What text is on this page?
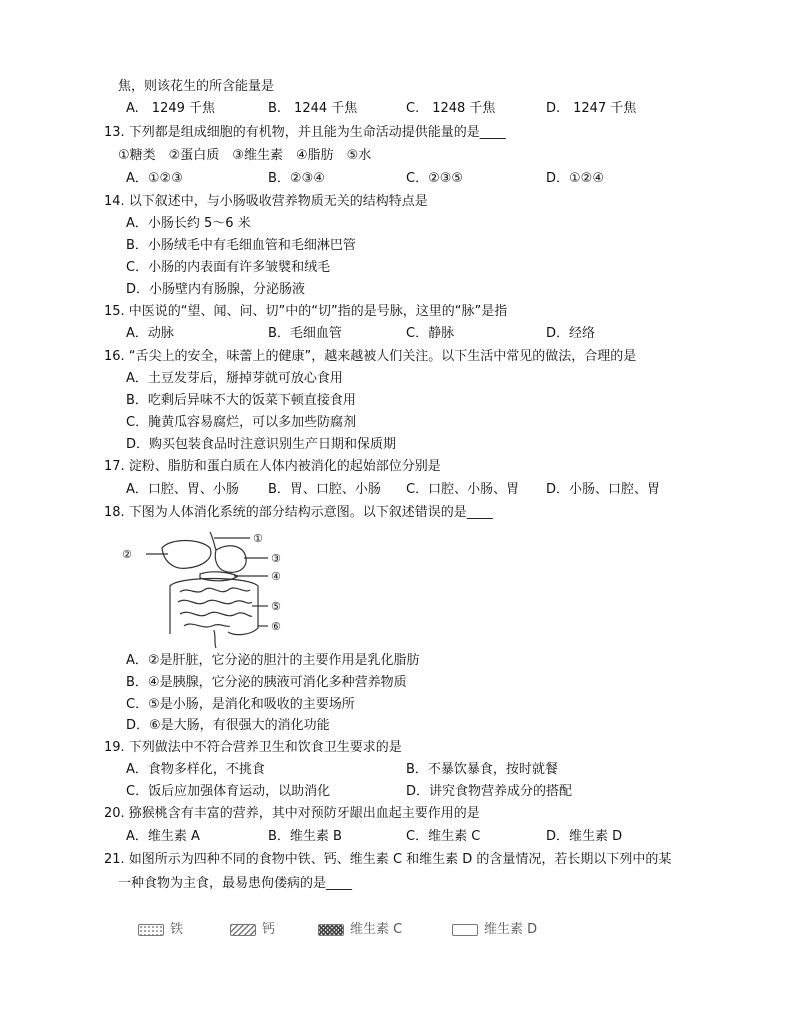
焦，则该花生的所含能量是
A.　1249 千焦	B.　1244 千焦	C.　1248 千焦	D.　1247 千焦
13. 下列都是组成细胞的有机物，并且能为生命活动提供能量的是____
①糖类　②蛋白质　③维生素　④脂肪　⑤水
A．①②③	B．②③④	C．②③⑤	D．①②④
14. 以下叙述中，与小肠吸收营养物质无关的结构特点是
A．小肠长约 5～6 米
B．小肠绒毛中有毛细血管和毛细淋巴管
C．小肠的内表面有许多皱襞和绒毛
D．小肠壁内有肠腺，分泌肠液
15. 中医说的“望、闻、问、切”中的“切”指的是号脉，这里的“脉”是指
A．动脉	B．毛细血管	C．静脉	D．经络
16. “舌尖上的安全，味蕾上的健康”，越来越被人们关注。以下生活中常见的做法，合理的是
A．土豆发芽后，掰掉芽就可放心食用
B．吃剩后异味不大的饭菜下顿直接食用
C．腌黄瓜容易腐烂，可以多加些防腐剂
D．购买包装食品时注意识别生产日期和保质期
17. 淀粉、脂肪和蛋白质在人体内被消化的起始部位分别是
A．口腔、胃、小肠 B．胃、口腔、小肠 C．口腔、小肠、胃 D．小肠、口腔、胃
18. 下图为人体消化系统的部分结构示意图。以下叙述错误的是____
①
②	③
④
⑤
⑥
A．②是肝脏，它分泌的胆汁的主要作用是乳化脂肪
B．④是胰腺，它分泌的胰液可消化多种营养物质
C．⑤是小肠，是消化和吸收的主要场所
D．⑥是大肠，有很强大的消化功能
19. 下列做法中不符合营养卫生和饮食卫生要求的是
A．食物多样化，不挑食	B．不暴饮暴食，按时就餐
C．饭后应加强体育运动，以助消化	D．讲究食物营养成分的搭配
20. 猕猴桃含有丰富的营养，其中对预防牙龈出血起主要作用的是
A．维生素 A	B．维生素 B	C．维生素 C	D．维生素 D
21. 如图所示为四种不同的食物中铁、钙、维生素 C 和维生素 D 的含量情况，若长期以下列中的某
一种食物为主食，最易患佝偻病的是____
铁	钙	维生素 C	维生素 D
